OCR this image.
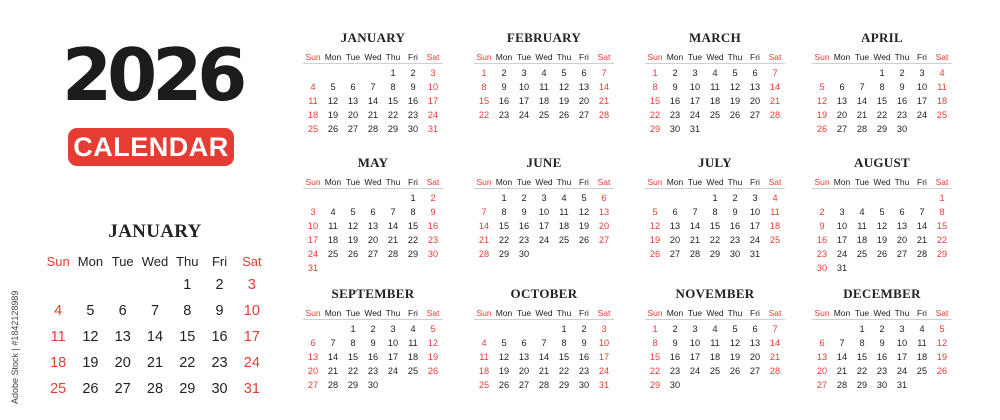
2026
CALENDAR
Adobe Stock | #1842128989
JANUARY
Sun	Mon	Tue	Wed	Thu	Fri	Sat
				1	2	3
4	5	6	7	8	9	10
11	12	13	14	15	16	17
18	19	20	21	22	23	24
25	26	27	28	29	30	31
FEBRUARY
Sun	Mon	Tue	Wed	Thu	Fri	Sat
1	2	3	4	5	6	7
8	9	10	11	12	13	14
15	16	17	18	19	20	21
22	23	24	25	26	27	28
MARCH
Sun	Mon	Tue	Wed	Thu	Fri	Sat
1	2	3	4	5	6	7
8	9	10	11	12	13	14
15	16	17	18	19	20	21
22	23	24	25	26	27	28
29	30	31				
APRIL
Sun	Mon	Tue	Wed	Thu	Fri	Sat
			1	2	3	4
5	6	7	8	9	10	11
12	13	14	15	16	17	18
19	20	21	22	23	24	25
26	27	28	29	30		
MAY
Sun	Mon	Tue	Wed	Thu	Fri	Sat
					1	2
3	4	5	6	7	8	9
10	11	12	13	14	15	16
17	18	19	20	21	22	23
24	25	26	27	28	29	30
31						
JUNE
Sun	Mon	Tue	Wed	Thu	Fri	Sat
	1	2	3	4	5	6
7	8	9	10	11	12	13
14	15	16	17	18	19	20
21	22	23	24	25	26	27
28	29	30				
JULY
Sun	Mon	Tue	Wed	Thu	Fri	Sat
			1	2	3	4
5	6	7	8	9	10	11
12	13	14	15	16	17	18
19	20	21	22	23	24	25
26	27	28	29	30	31	
AUGUST
Sun	Mon	Tue	Wed	Thu	Fri	Sat
						1
2	3	4	5	6	7	8
9	10	11	12	13	14	15
16	17	18	19	20	21	22
23	24	25	26	27	28	29
30	31					
SEPTEMBER
Sun	Mon	Tue	Wed	Thu	Fri	Sat
		1	2	3	4	5
6	7	8	9	10	11	12
13	14	15	16	17	18	19
20	21	22	23	24	25	26
27	28	29	30			
OCTOBER
Sun	Mon	Tue	Wed	Thu	Fri	Sat
				1	2	3
4	5	6	7	8	9	10
11	12	13	14	15	16	17
18	19	20	21	22	23	24
25	26	27	28	29	30	31
NOVEMBER
Sun	Mon	Tue	Wed	Thu	Fri	Sat
1	2	3	4	5	6	7
8	9	10	11	12	13	14
15	16	17	18	19	20	21
22	23	24	25	26	27	28
29	30					
DECEMBER
Sun	Mon	Tue	Wed	Thu	Fri	Sat
		1	2	3	4	5
6	7	8	9	10	11	12
13	14	15	16	17	18	19
20	21	22	23	24	25	26
27	28	29	30	31		
JANUARY
Sun	Mon	Tue	Wed	Thu	Fri	Sat
				1	2	3
4	5	6	7	8	9	10
11	12	13	14	15	16	17
18	19	20	21	22	23	24
25	26	27	28	29	30	31
